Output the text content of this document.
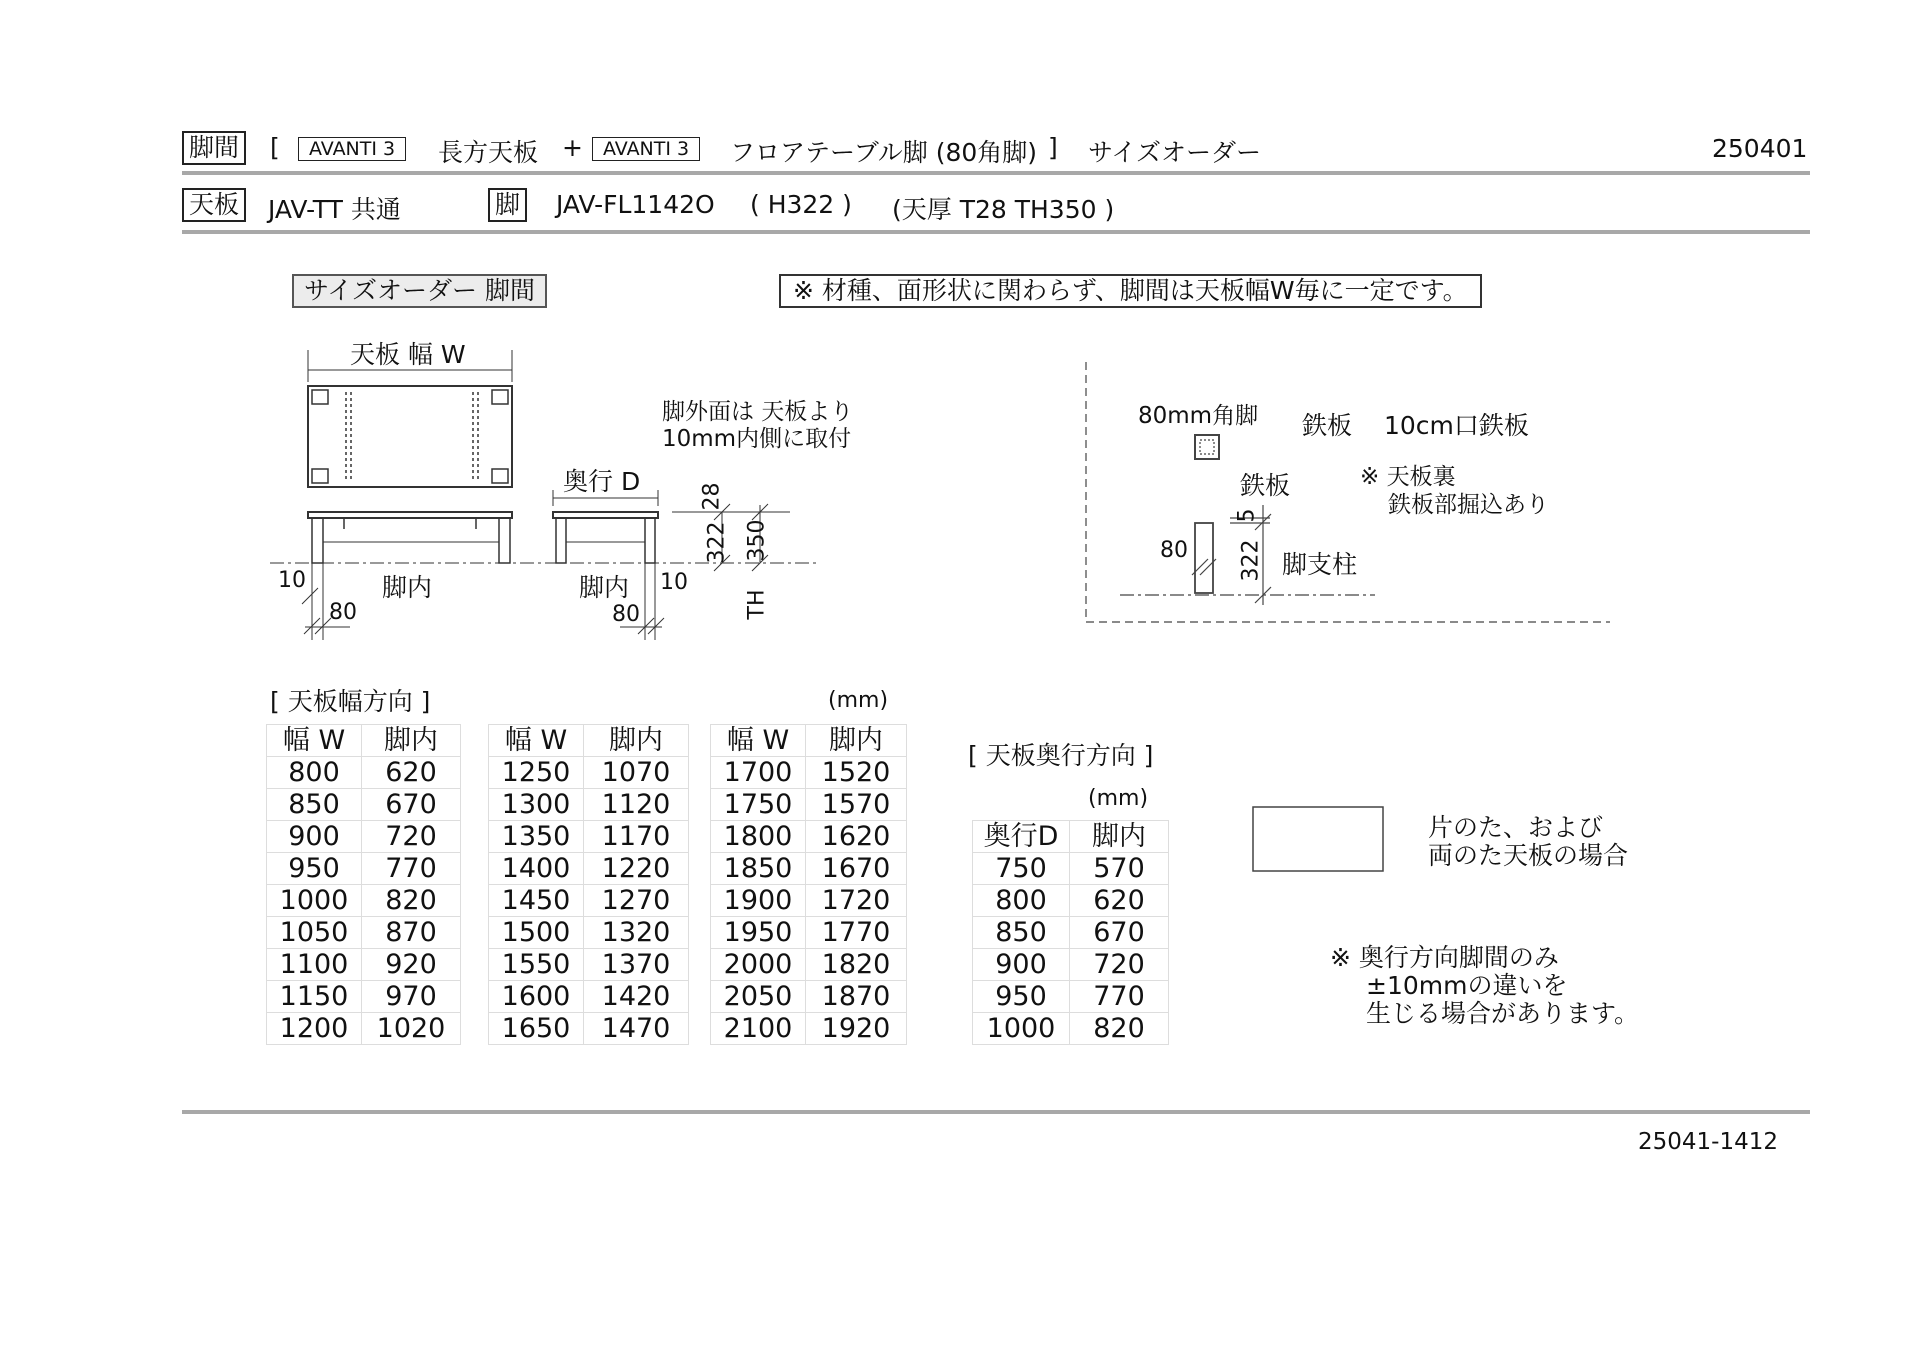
脚間 [	AVANTI 3	長方天板 +	AVANTI 3	フロアテーブル脚 (80角脚) ] サイズオーダー	250401
天板 JAV-TT 共通	脚 JAV-FL1142O ( H322 ) (天厚 T28 TH350 )
サイズオーダー 脚間	※ 材種、面形状に関わらず、脚間は天板幅W毎に一定です。
天板 幅 W
脚外面は 天板より
10mm内側に取付
奥行 D
28
322 350
TH
10
80
脚内	脚内 10
80
80mm角脚 鉄板 10cm口鉄板
鉄板	※ 天板裏
鉄板部掘込あり
5
80 322 脚支柱
[ 天板幅方向 ]	(mm)
幅 W	脚内
800	620
850	670
900	720
950	770
1000	820
1050	870
1100	920
1150	970
1200	1020
幅 W	脚内
1250	1070
1300	1120
1350	1170
1400	1220
1450	1270
1500	1320
1550	1370
1600	1420
1650	1470
幅 W	脚内
1700	1520
1750	1570
1800	1620
1850	1670
1900	1720
1950	1770
2000	1820
2050	1870
2100	1920
[ 天板奥行方向 ]
(mm)
奥行D	脚内
750	570
800	620
850	670
900	720
950	770
1000	820
片のた、および
両のた天板の場合
※ 奥行方向脚間のみ
±10mmの違いを
生じる場合があります。
25041-1412
